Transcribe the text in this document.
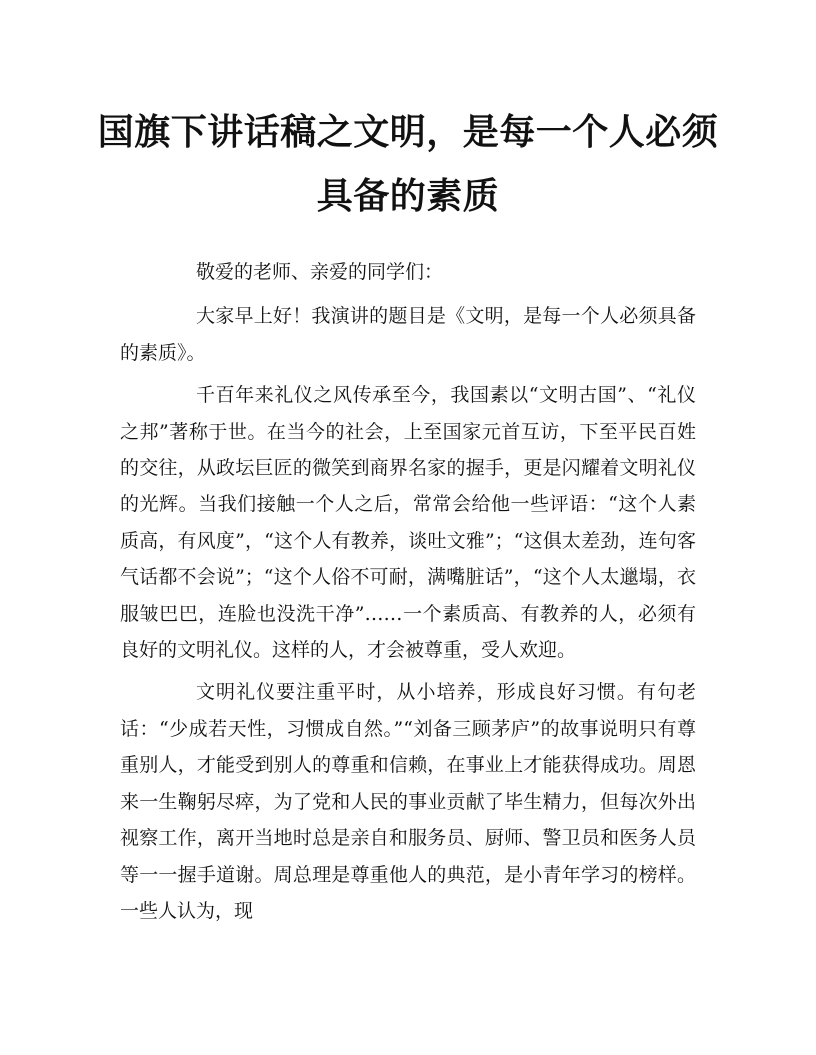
国旗下讲话稿之文明，是每一个人必须
具备的素质

敬爱的老师、亲爱的同学们：

大家早上好！我演讲的题目是《文明，是每一个人必须具备的素质》。

千百年来礼仪之风传承至今，我国素以“文明古国”、“礼仪之邦”著称于世。在当今的社会，上至国家元首互访，下至平民百姓的交往，从政坛巨匠的微笑到商界名家的握手，更是闪耀着文明礼仪的光辉。当我们接触一个人之后，常常会给他一些评语：“这个人素质高，有风度”，“这个人有教养，谈吐文雅”；“这俱太差劲，连句客气话都不会说”；“这个人俗不可耐，满嘴脏话”，“这个人太邋塌，衣服皱巴巴，连脸也没洗干净”……一个素质高、有教养的人，必须有良好的文明礼仪。这样的人，才会被尊重，受人欢迎。

文明礼仪要注重平时，从小培养，形成良好习惯。有句老话：“少成若天性，习惯成自然。”“刘备三顾茅庐”的故事说明只有尊重别人，才能受到别人的尊重和信赖，在事业上才能获得成功。周恩来一生鞠躬尽瘁，为了党和人民的事业贡献了毕生精力，但每次外出视察工作，离开当地时总是亲自和服务员、厨师、警卫员和医务人员等一一握手道谢。周总理是尊重他人的典范，是小青年学习的榜样。一些人认为，现
